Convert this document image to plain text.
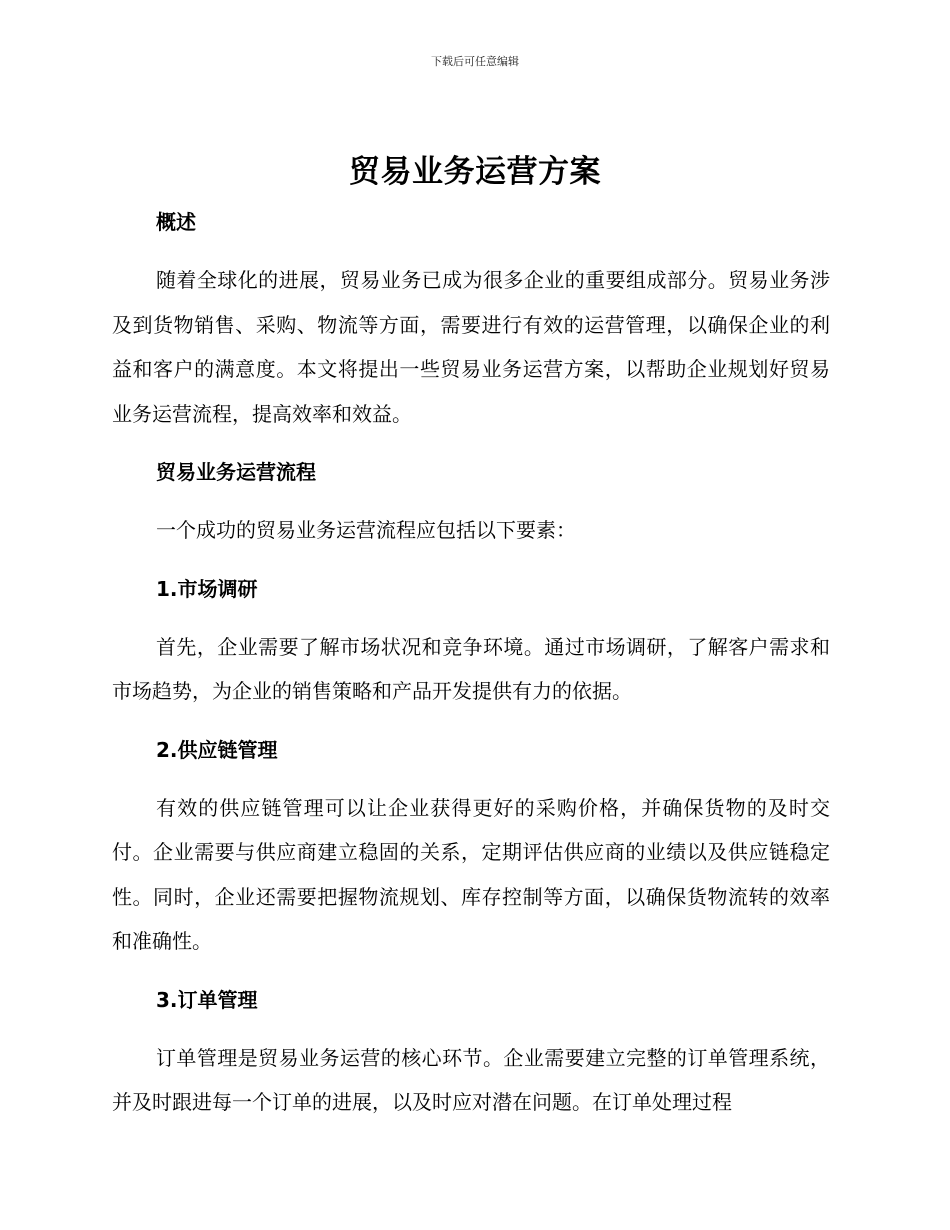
下载后可任意编辑
贸易业务运营方案
概述
随着全球化的进展，贸易业务已成为很多企业的重要组成部分。贸易业务涉及到货物销售、采购、物流等方面，需要进行有效的运营管理，以确保企业的利益和客户的满意度。本文将提出一些贸易业务运营方案，以帮助企业规划好贸易业务运营流程，提高效率和效益。
贸易业务运营流程
一个成功的贸易业务运营流程应包括以下要素：
1.市场调研
首先，企业需要了解市场状况和竞争环境。通过市场调研，了解客户需求和市场趋势，为企业的销售策略和产品开发提供有力的依据。
2.供应链管理
有效的供应链管理可以让企业获得更好的采购价格，并确保货物的及时交付。企业需要与供应商建立稳固的关系，定期评估供应商的业绩以及供应链稳定性。同时，企业还需要把握物流规划、库存控制等方面，以确保货物流转的效率和准确性。
3.订单管理
订单管理是贸易业务运营的核心环节。企业需要建立完整的订单管理系统，并及时跟进每一个订单的进展，以及时应对潜在问题。在订单处理过程
